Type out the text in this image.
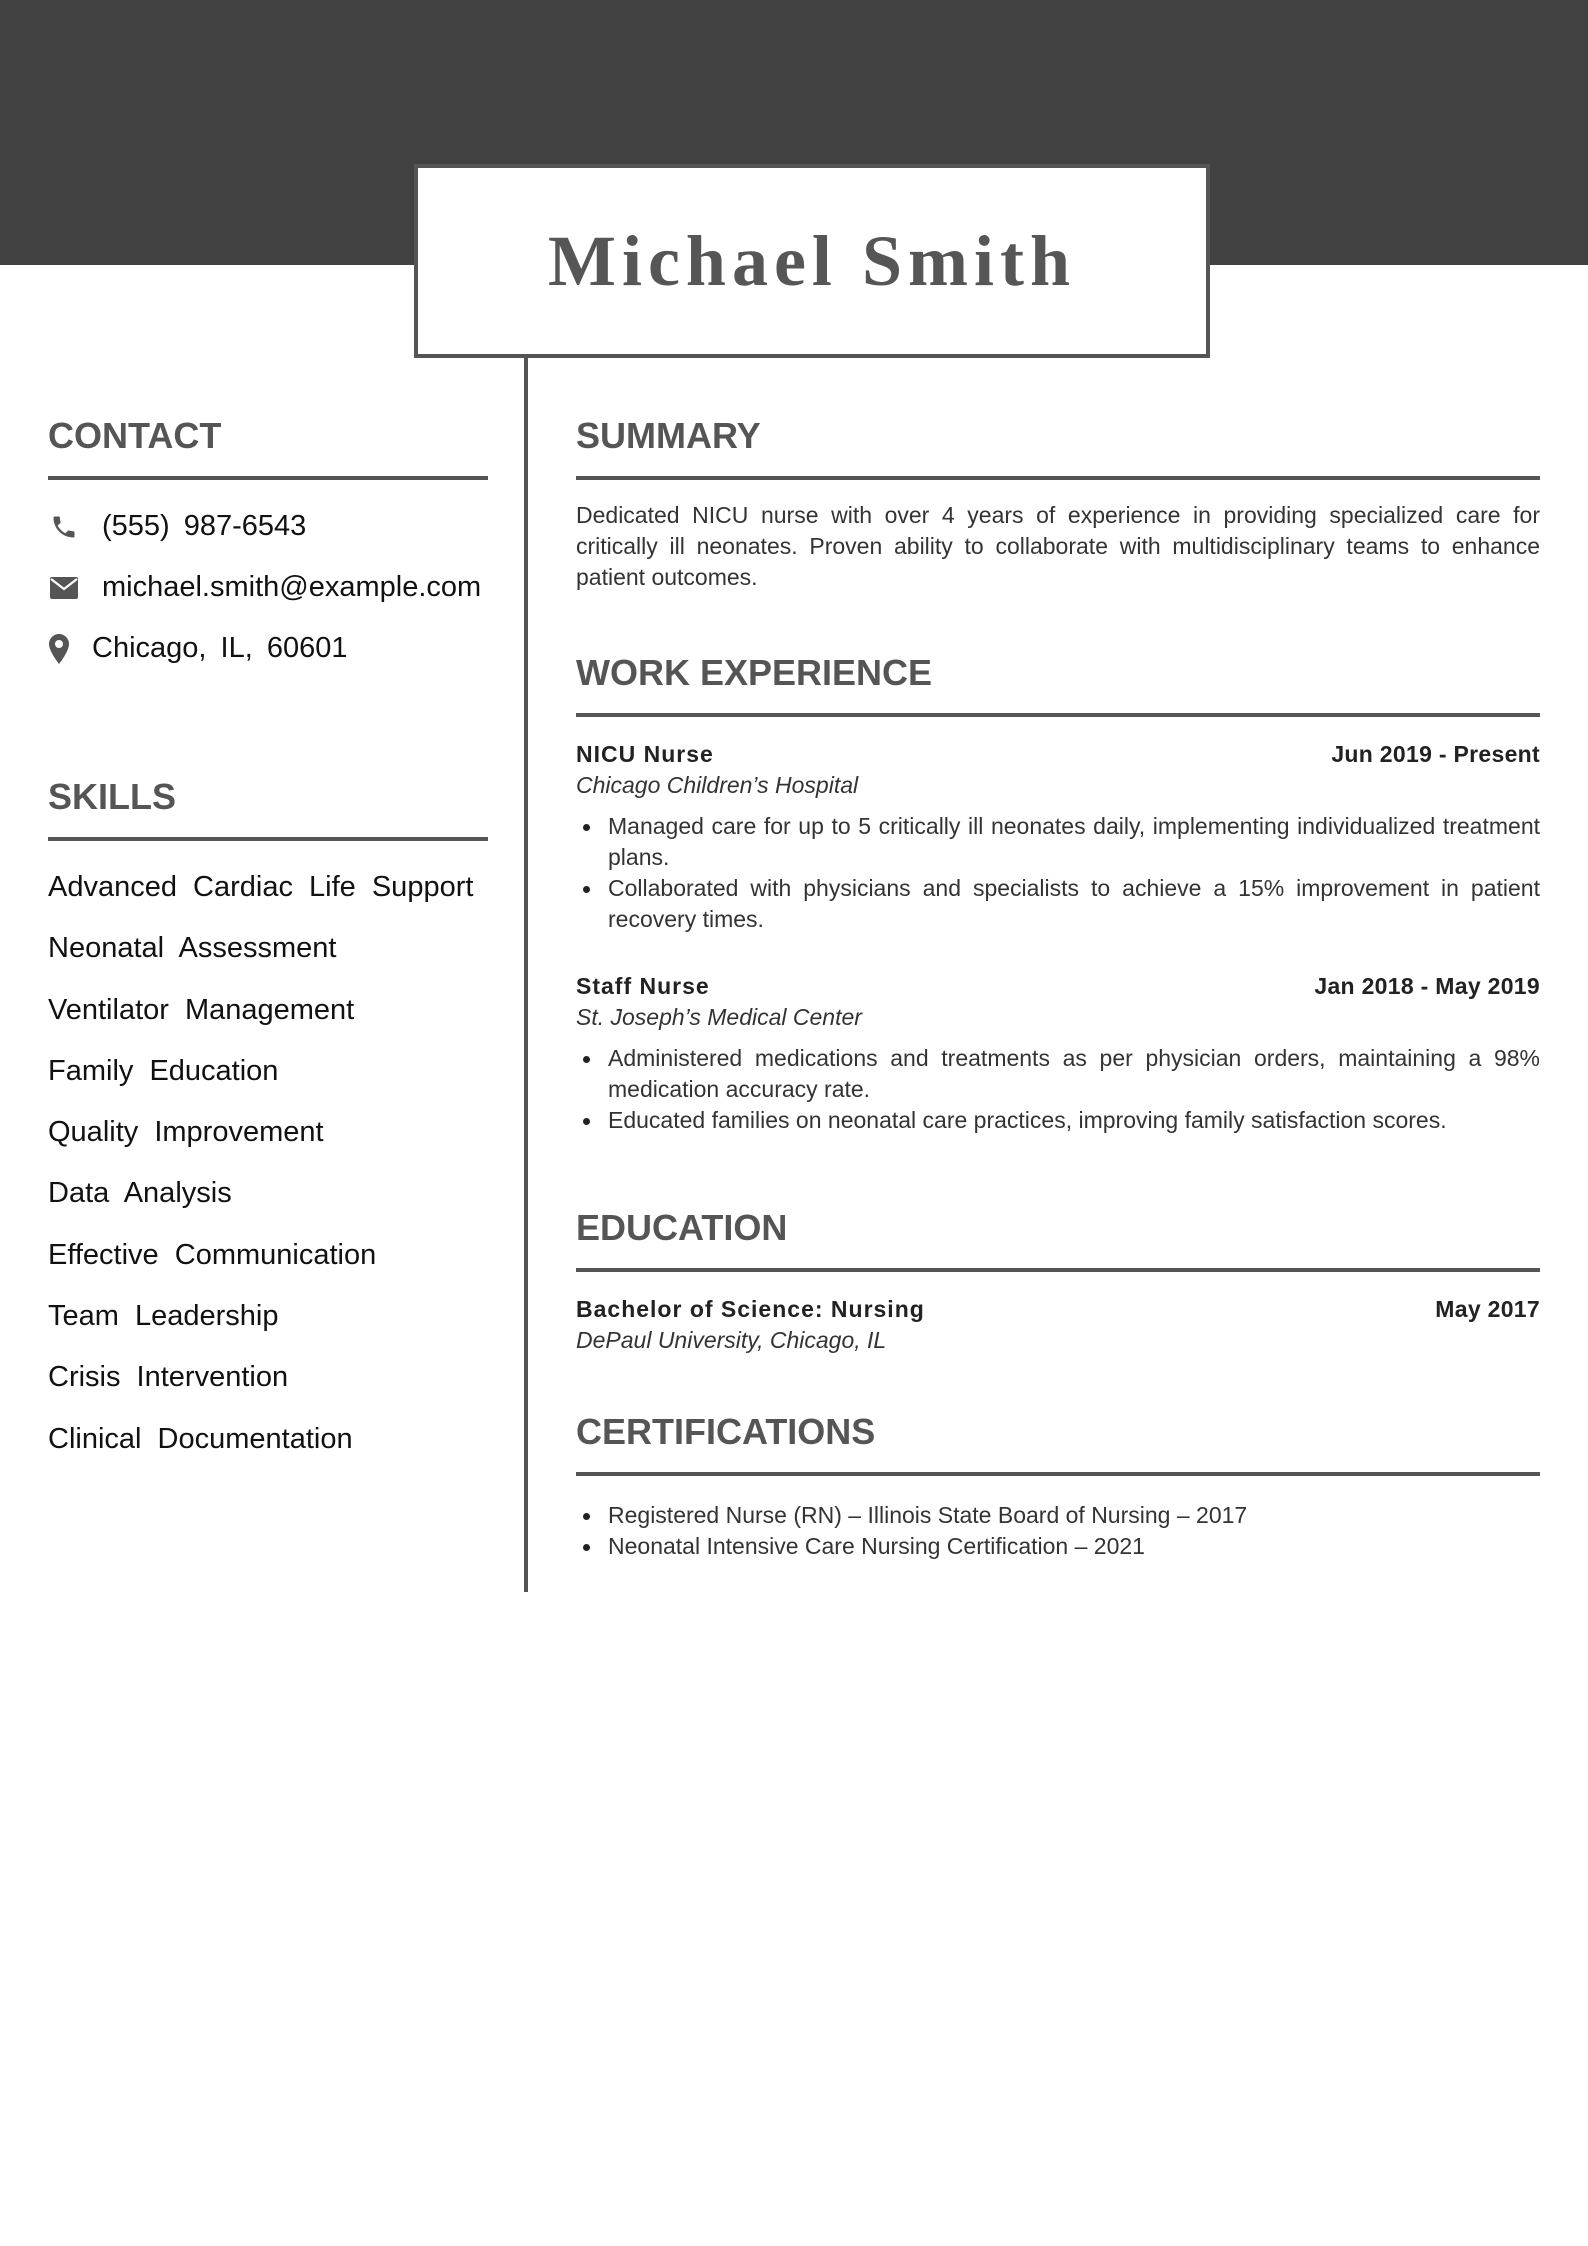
Michael Smith
CONTACT
(555) 987-6543
michael.smith@example.com
Chicago, IL, 60601
SKILLS
Advanced Cardiac Life Support
Neonatal Assessment
Ventilator Management
Family Education
Quality Improvement
Data Analysis
Effective Communication
Team Leadership
Crisis Intervention
Clinical Documentation
SUMMARY

Dedicated NICU nurse with over 4 years of experience in providing specialized care for critically ill neonates. Proven ability to collaborate with multidisciplinary teams to enhance patient outcomes.

WORK EXPERIENCE
NICU Nurse	Jun 2019 - Present
Chicago Children’s Hospital
Managed care for up to 5 critically ill neonates daily, implementing individualized treatment plans.
Collaborated with physicians and specialists to achieve a 15% improvement in patient recovery times.
Staff Nurse	Jan 2018 - May 2019
St. Joseph’s Medical Center
Administered medications and treatments as per physician orders, maintaining a 98% medication accuracy rate.
Educated families on neonatal care practices, improving family satisfaction scores.
EDUCATION
Bachelor of Science: Nursing	May 2017
DePaul University, Chicago, IL
CERTIFICATIONS
Registered Nurse (RN) – Illinois State Board of Nursing – 2017
Neonatal Intensive Care Nursing Certification – 2021
